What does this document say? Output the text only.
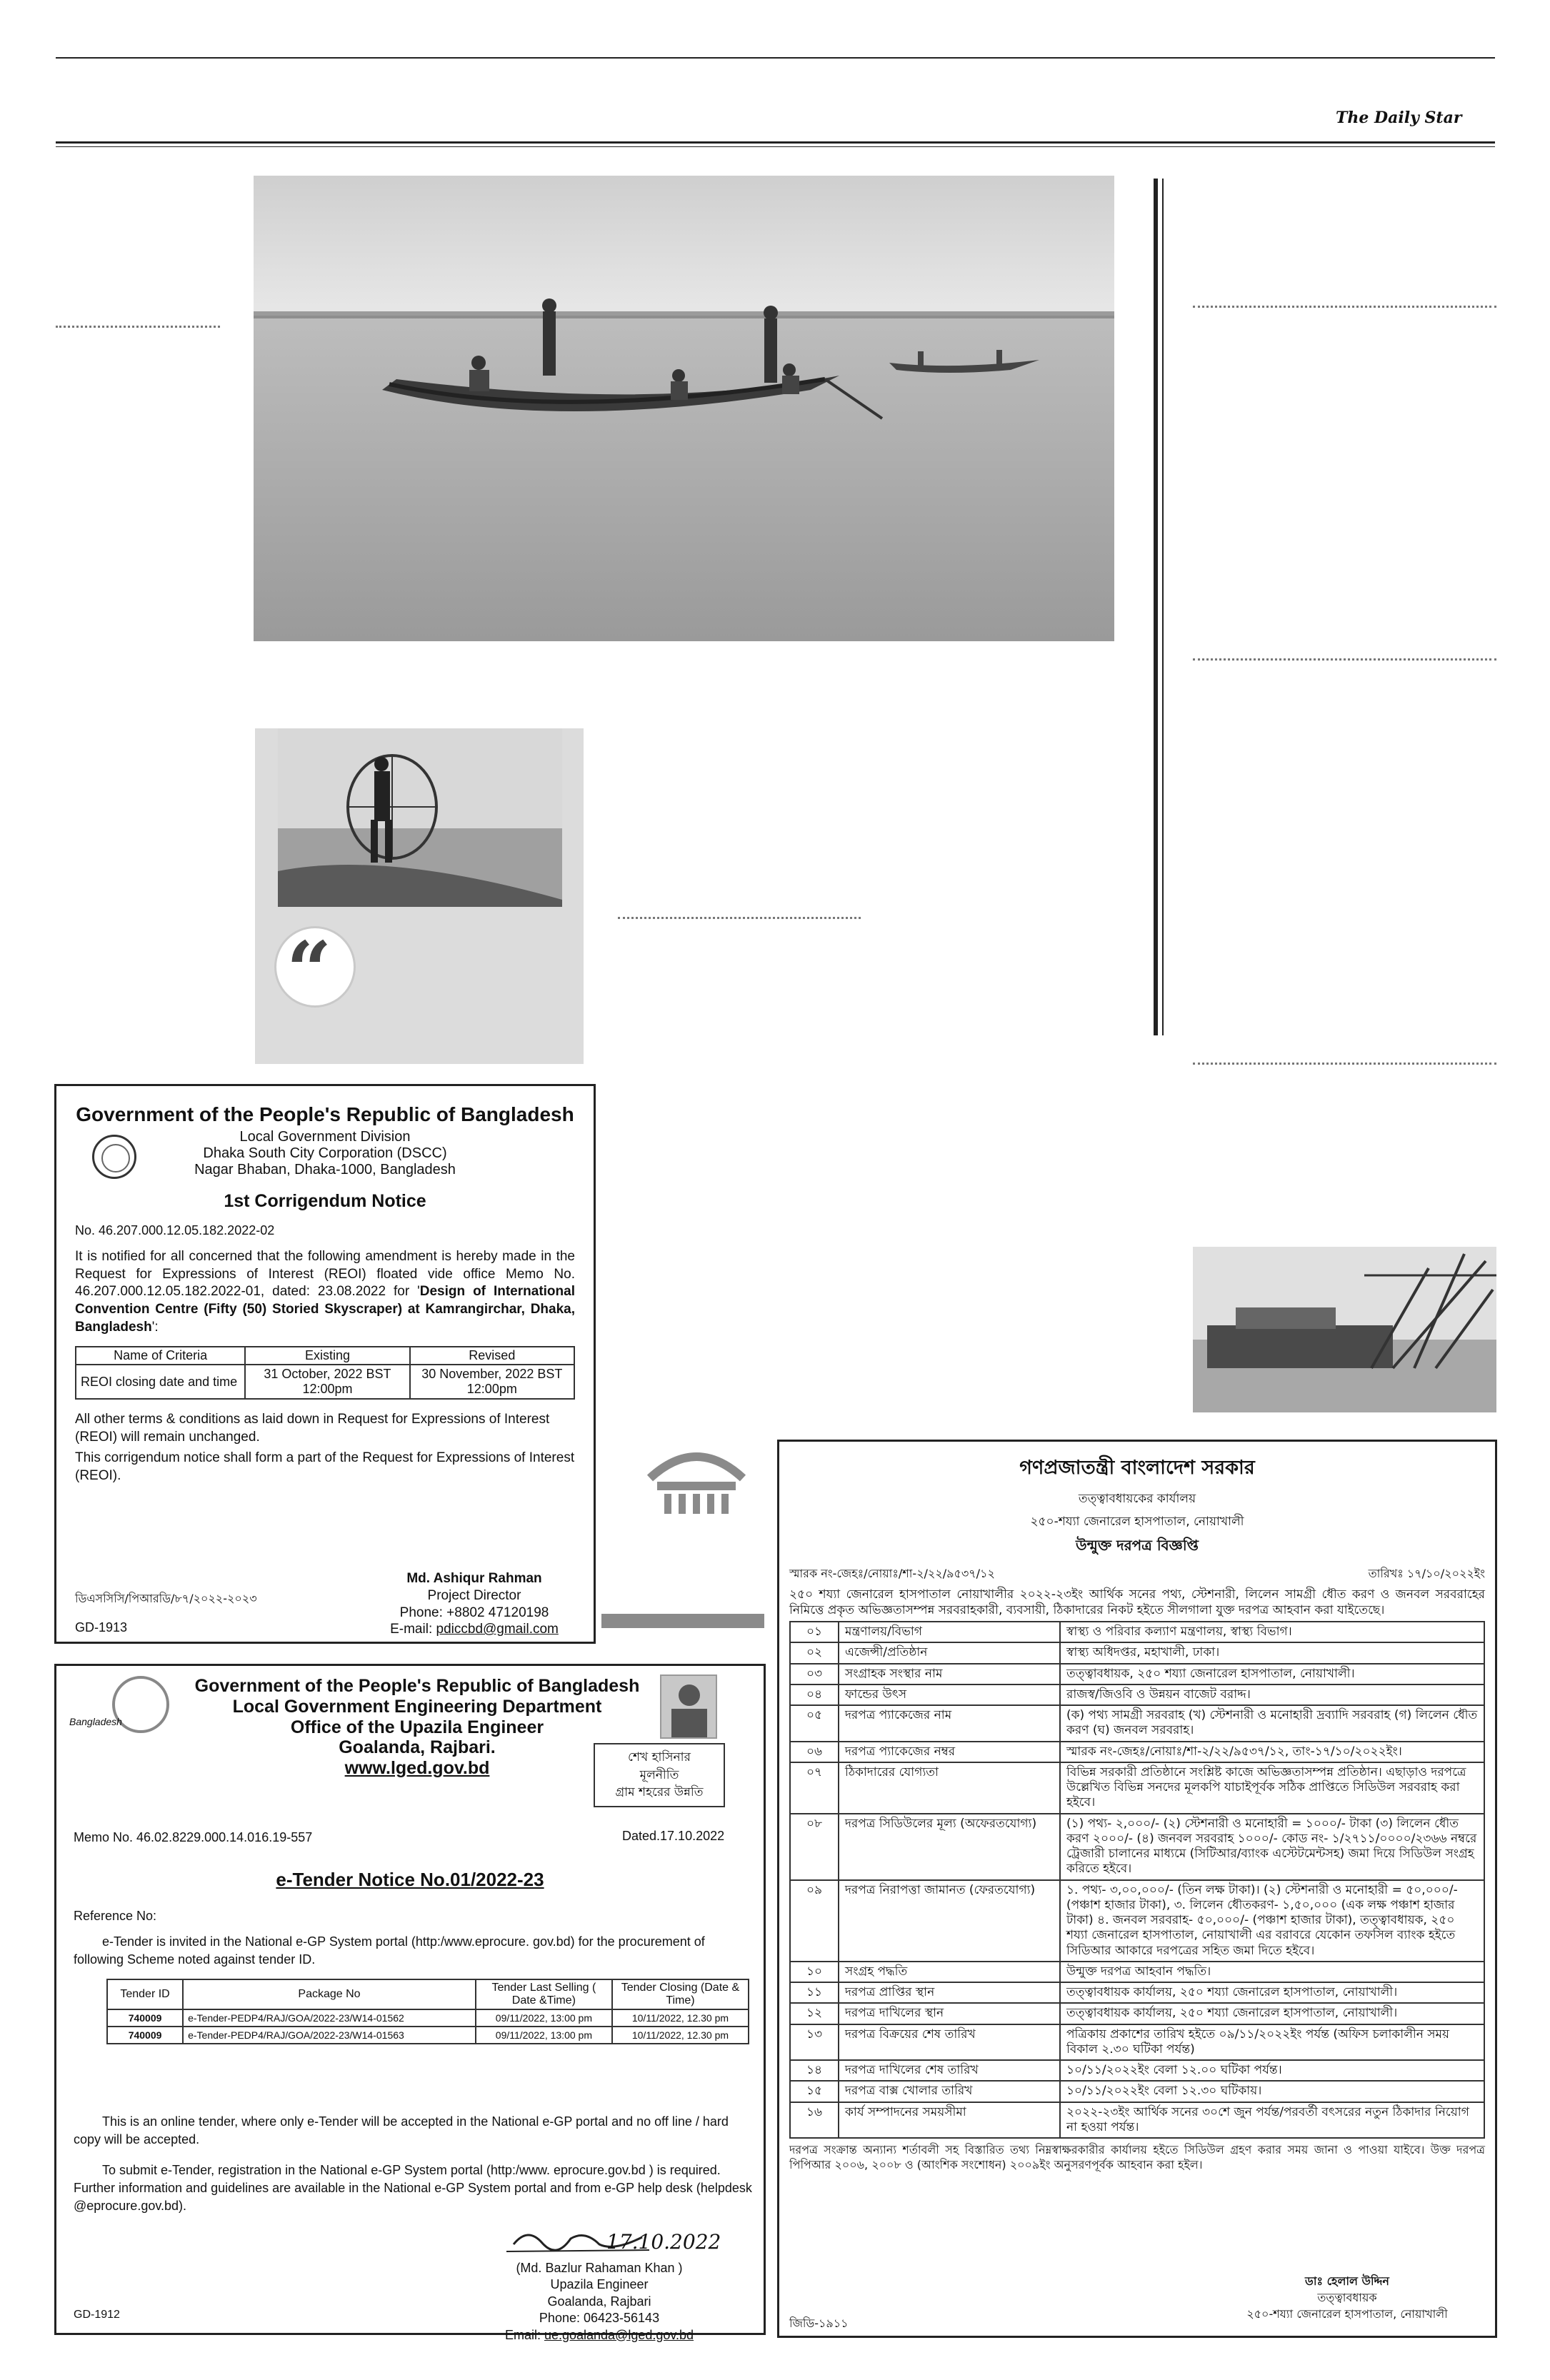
The Daily Star
“
Government of the People's Republic of Bangladesh
Local Government Division
Dhaka South City Corporation (DSCC)
Nagar Bhaban, Dhaka-1000, Bangladesh
1st Corrigendum Notice
No. 46.207.000.12.05.182.2022-02
It is notified for all concerned that the following amendment is hereby made in the Request for Expressions of Interest (REOI) floated vide office Memo No. 46.207.000.12.05.182.2022-01, dated: 23.08.2022 for 'Design of International Convention Centre (Fifty (50) Storied Skyscraper) at Kamrangirchar, Dhaka, Bangladesh':
Name of Criteria	Existing	Revised
REOI closing date and time	31 October, 2022 BST 12:00pm	30 November, 2022 BST 12:00pm
All other terms & conditions as laid down in Request for Expressions of Interest (REOI) will remain unchanged.
This corrigendum notice shall form a part of the Request for Expressions of Interest (REOI).
ডিএসসিসি/পিআরডি/৮৭/২০২২-২০২৩
GD-1913
Md. Ashiqur Rahman
Project Director
Phone: +8802 47120198
E-mail: pdiccbd@gmail.com
Bangladesh
Government of the People's Republic of Bangladesh
Local Government Engineering Department
Office of the Upazila Engineer
Goalanda, Rajbari.
www.lged.gov.bd
শেখ হাসিনার
মূলনীতি
গ্রাম শহরের উন্নতি
Memo No. 46.02.8229.000.14.016.19-557	Dated.17.10.2022
e-Tender Notice No.01/2022-23
Reference No:
e-Tender is invited in the National e-GP System portal (http:/www.eprocure. gov.bd) for the procurement of following Scheme noted against tender ID.
Tender ID	Package No	Tender Last Selling ( Date &Time)	Tender Closing (Date & Time)
740009	e-Tender-PEDP4/RAJ/GOA/2022-23/W14-01562	09/11/2022, 13:00 pm	10/11/2022, 12.30 pm
740009	e-Tender-PEDP4/RAJ/GOA/2022-23/W14-01563	09/11/2022, 13:00 pm	10/11/2022, 12.30 pm
This is an online tender, where only e-Tender will be accepted in the National e-GP portal and no off line / hard copy will be accepted.
To submit e-Tender, registration in the National e-GP System portal (http:/www. eprocure.gov.bd ) is required. Further information and guidelines are available in the National e-GP System portal and from e-GP help desk (helpdesk @eprocure.gov.bd).
17.10.2022
(Md. Bazlur Rahaman Khan )
Upazila Engineer
Goalanda, Rajbari
Phone: 06423-56143
Email: ue.goalanda@lged.gov.bd
GD-1912
গণপ্রজাতন্ত্রী বাংলাদেশ সরকার
তত্ত্বাবধায়কের কার্যালয়
২৫০-শয্যা জেনারেল হাসপাতাল, নোয়াখালী
উন্মুক্ত দরপত্র বিজ্ঞপ্তি
স্মারক নং-জেহঃ/নোয়াঃ/শা-২/২২/৯৫৩৭/১২	তারিখঃ ১৭/১০/২০২২ইং
২৫০ শয্যা জেনারেল হাসপাতাল নোয়াখালীর ২০২২-২৩ইং আর্থিক সনের পথ্য, স্টেশনারী, লিলেন সামগ্রী ধৌত করণ ও জনবল সরবরাহের নিমিত্তে প্রকৃত অভিজ্ঞতাসম্পন্ন সরবরাহকারী, ব্যবসায়ী, ঠিকাদারের নিকট হইতে সীলগালা যুক্ত দরপত্র আহবান করা যাইতেছে।
০১	মন্ত্রণালয়/বিভাগ	স্বাস্থ্য ও পরিবার কল্যাণ মন্ত্রণালয়, স্বাস্থ্য বিভাগ।
০২	এজেন্সী/প্রতিষ্ঠান	স্বাস্থ্য অধিদপ্তর, মহাখালী, ঢাকা।
০৩	সংগ্রাহক সংস্থার নাম	তত্ত্বাবধায়ক, ২৫০ শয্যা জেনারেল হাসপাতাল, নোয়াখালী।
০৪	ফান্ডের উৎস	রাজস্ব/জিওবি ও উন্নয়ন বাজেট বরাদ্দ।
০৫	দরপত্র প্যাকেজের নাম	(ক) পথ্য সামগ্রী সরবরাহ (খ) স্টেশনারী ও মনোহারী দ্রব্যাদি সরবরাহ (গ) লিলেন ধৌত করণ (ঘ) জনবল সরবরাহ।
০৬	দরপত্র প্যাকেজের নম্বর	স্মারক নং-জেহঃ/নোয়াঃ/শা-২/২২/৯৫৩৭/১২, তাং-১৭/১০/২০২২ইং।
০৭	ঠিকাদারের যোগ্যতা	বিভিন্ন সরকারী প্রতিষ্ঠানে সংশ্লিষ্ট কাজে অভিজ্ঞতাসম্পন্ন প্রতিষ্ঠান। এছাড়াও দরপত্রে উল্লেখিত বিভিন্ন সনদের মূলকপি যাচাইপূর্বক সঠিক প্রাপ্তিতে সিডিউল সরবরাহ করা হইবে।
০৮	দরপত্র সিডিউলের মূল্য (অফেরতযোগ্য)	(১) পথ্য- ২,০০০/- (২) স্টেশনারী ও মনোহারী = ১০০০/- টাকা (৩) লিলেন ধৌত করণ ২০০০/- (৪) জনবল সরবরাহ ১০০০/- কোড নং- ১/২৭১১/০০০০/২৩৬৬ নম্বরে ট্রেজারী চালানের মাধ্যমে (সিটিআর/ব্যাংক এস্টেটমেন্টসহ) জমা দিয়ে সিডিউল সংগ্রহ করিতে হইবে।
০৯	দরপত্র নিরাপত্তা জামানত (ফেরতযোগ্য)	১. পথ্য- ৩,০০,০০০/- (তিন লক্ষ টাকা)। (২) স্টেশনারী ও মনোহারী = ৫০,০০০/- (পঞ্চাশ হাজার টাকা), ৩. লিলেন ধৌতকরণ- ১,৫০,০০০ (এক লক্ষ পঞ্চাশ হাজার টাকা) ৪. জনবল সরবরাহ- ৫০,০০০/- (পঞ্চাশ হাজার টাকা), তত্ত্বাবধায়ক, ২৫০ শয্যা জেনারেল হাসপাতাল, নোয়াখালী এর বরাবরে যেকোন তফসিল ব্যাংক হইতে সিডিআর আকারে দরপত্রের সহিত জমা দিতে হইবে।
১০	সংগ্রহ পদ্ধতি	উন্মুক্ত দরপত্র আহবান পদ্ধতি।
১১	দরপত্র প্রাপ্তির স্থান	তত্ত্বাবধায়ক কার্যালয়, ২৫০ শয্যা জেনারেল হাসপাতাল, নোয়াখালী।
১২	দরপত্র দাখিলের স্থান	তত্ত্বাবধায়ক কার্যালয়, ২৫০ শয্যা জেনারেল হাসপাতাল, নোয়াখালী।
১৩	দরপত্র বিক্রয়ের শেষ তারিখ	পত্রিকায় প্রকাশের তারিখ হইতে ০৯/১১/২০২২ইং পর্যন্ত (অফিস চলাকালীন সময় বিকাল ২.৩০ ঘটিকা পর্যন্ত)
১৪	দরপত্র দাখিলের শেষ তারিখ	১০/১১/২০২২ইং বেলা ১২.০০ ঘটিকা পর্যন্ত।
১৫	দরপত্র বাক্স খোলার তারিখ	১০/১১/২০২২ইং বেলা ১২.৩০ ঘটিকায়।
১৬	কার্য সম্পাদনের সময়সীমা	২০২২-২৩ইং আর্থিক সনের ৩০শে জুন পর্যন্ত/পরবর্তী বৎসরের নতুন ঠিকাদার নিয়োগ না হওয়া পর্যন্ত।
দরপত্র সংক্রান্ত অন্যান্য শর্তাবলী সহ বিস্তারিত তথ্য নিম্নস্বাক্ষরকারীর কার্যালয় হইতে সিডিউল গ্রহণ করার সময় জানা ও পাওয়া যাইবে। উক্ত দরপত্র পিপিআর ২০০৬, ২০০৮ ও (আংশিক সংশোধন) ২০০৯ইং অনুসরণপূর্বক আহবান করা হইল।
ডাঃ হেলাল উদ্দিন
তত্ত্বাবধায়ক
২৫০-শয্যা জেনারেল হাসপাতাল, নোয়াখালী
জিডি-১৯১১
